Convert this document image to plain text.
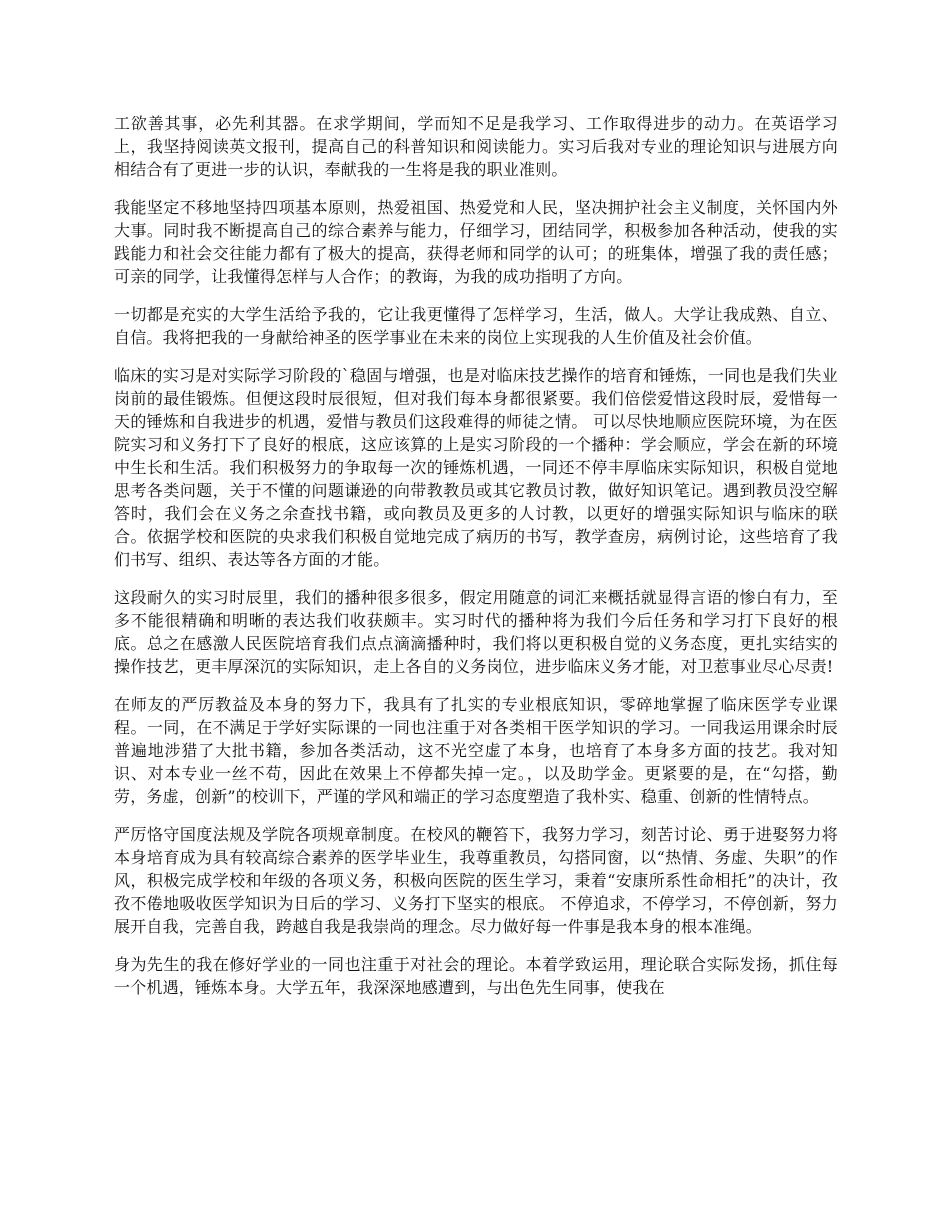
工欲善其事，必先利其器。在求学期间，学而知不足是我学习、工作取得进步的动力。在英语学习上，我坚持阅读英文报刊，提高自己的科普知识和阅读能力。实习后我对专业的理论知识与进展方向相结合有了更进一步的认识，奉献我的一生将是我的职业准则。

我能坚定不移地坚持四项基本原则，热爱祖国、热爱党和人民，坚决拥护社会主义制度，关怀国内外大事。同时我不断提高自己的综合素养与能力，仔细学习，团结同学，积极参加各种活动，使我的实践能力和社会交往能力都有了极大的提高，获得老师和同学的认可；的班集体，增强了我的责任感；可亲的同学，让我懂得怎样与人合作；的教诲，为我的成功指明了方向。

一切都是充实的大学生活给予我的，它让我更懂得了怎样学习，生活，做人。大学让我成熟、自立、自信。我将把我的一身献给神圣的医学事业在未来的岗位上实现我的人生价值及社会价值。

临床的实习是对实际学习阶段的`稳固与增强，也是对临床技艺操作的培育和锤炼，一同也是我们失业岗前的最佳锻炼。但便这段时辰很短，但对我们每本身都很紧要。我们倍偿爱惜这段时辰，爱惜每一天的锤炼和自我进步的机遇，爱惜与教员们这段难得的师徒之情。 可以尽快地顺应医院环境，为在医院实习和义务打下了良好的根底，这应该算的上是实习阶段的一个播种：学会顺应，学会在新的环境中生长和生活。我们积极努力的争取每一次的锤炼机遇，一同还不停丰厚临床实际知识，积极自觉地思考各类问题，关于不懂的问题谦逊的向带教教员或其它教员讨教，做好知识笔记。遇到教员没空解答时，我们会在义务之余查找书籍，或向教员及更多的人讨教，以更好的增强实际知识与临床的联合。依据学校和医院的央求我们积极自觉地完成了病历的书写，教学查房，病例讨论，这些培育了我们书写、组织、表达等各方面的才能。

这段耐久的实习时辰里，我们的播种很多很多，假定用随意的词汇来概括就显得言语的惨白有力，至多不能很精确和明晰的表达我们收获颇丰。实习时代的播种将为我们今后任务和学习打下良好的根底。总之在感激人民医院培育我们点点滴滴播种时，我们将以更积极自觉的义务态度，更扎实结实的操作技艺，更丰厚深沉的实际知识，走上各自的义务岗位，进步临床义务才能，对卫惹事业尽心尽责!

在师友的严厉教益及本身的努力下，我具有了扎实的专业根底知识，零碎地掌握了临床医学专业课程。一同，在不满足于学好实际课的一同也注重于对各类相干医学知识的学习。一同我运用课余时辰普遍地涉猎了大批书籍，参加各类活动，这不光空虚了本身，也培育了本身多方面的技艺。我对知识、对本专业一丝不苟，因此在效果上不停都失掉一定。，以及助学金。更紧要的是，在“勾搭，勤劳，务虚，创新”的校训下，严谨的学风和端正的学习态度塑造了我朴实、稳重、创新的性情特点。

严厉恪守国度法规及学院各项规章制度。在校风的鞭笞下，我努力学习，刻苦讨论、勇于进娶努力将本身培育成为具有较高综合素养的医学毕业生，我尊重教员，勾搭同窗，以“热情、务虚、失职”的作风，积极完成学校和年级的各项义务，积极向医院的医生学习，秉着“安康所系性命相托”的决计，孜孜不倦地吸收医学知识为日后的学习、义务打下坚实的根底。 不停追求，不停学习，不停创新，努力展开自我，完善自我，跨越自我是我崇尚的理念。尽力做好每一件事是我本身的根本准绳。

身为先生的我在修好学业的一同也注重于对社会的理论。本着学致运用，理论联合实际发扬，抓住每一个机遇，锤炼本身。大学五年，我深深地感遭到，与出色先生同事，使我在
